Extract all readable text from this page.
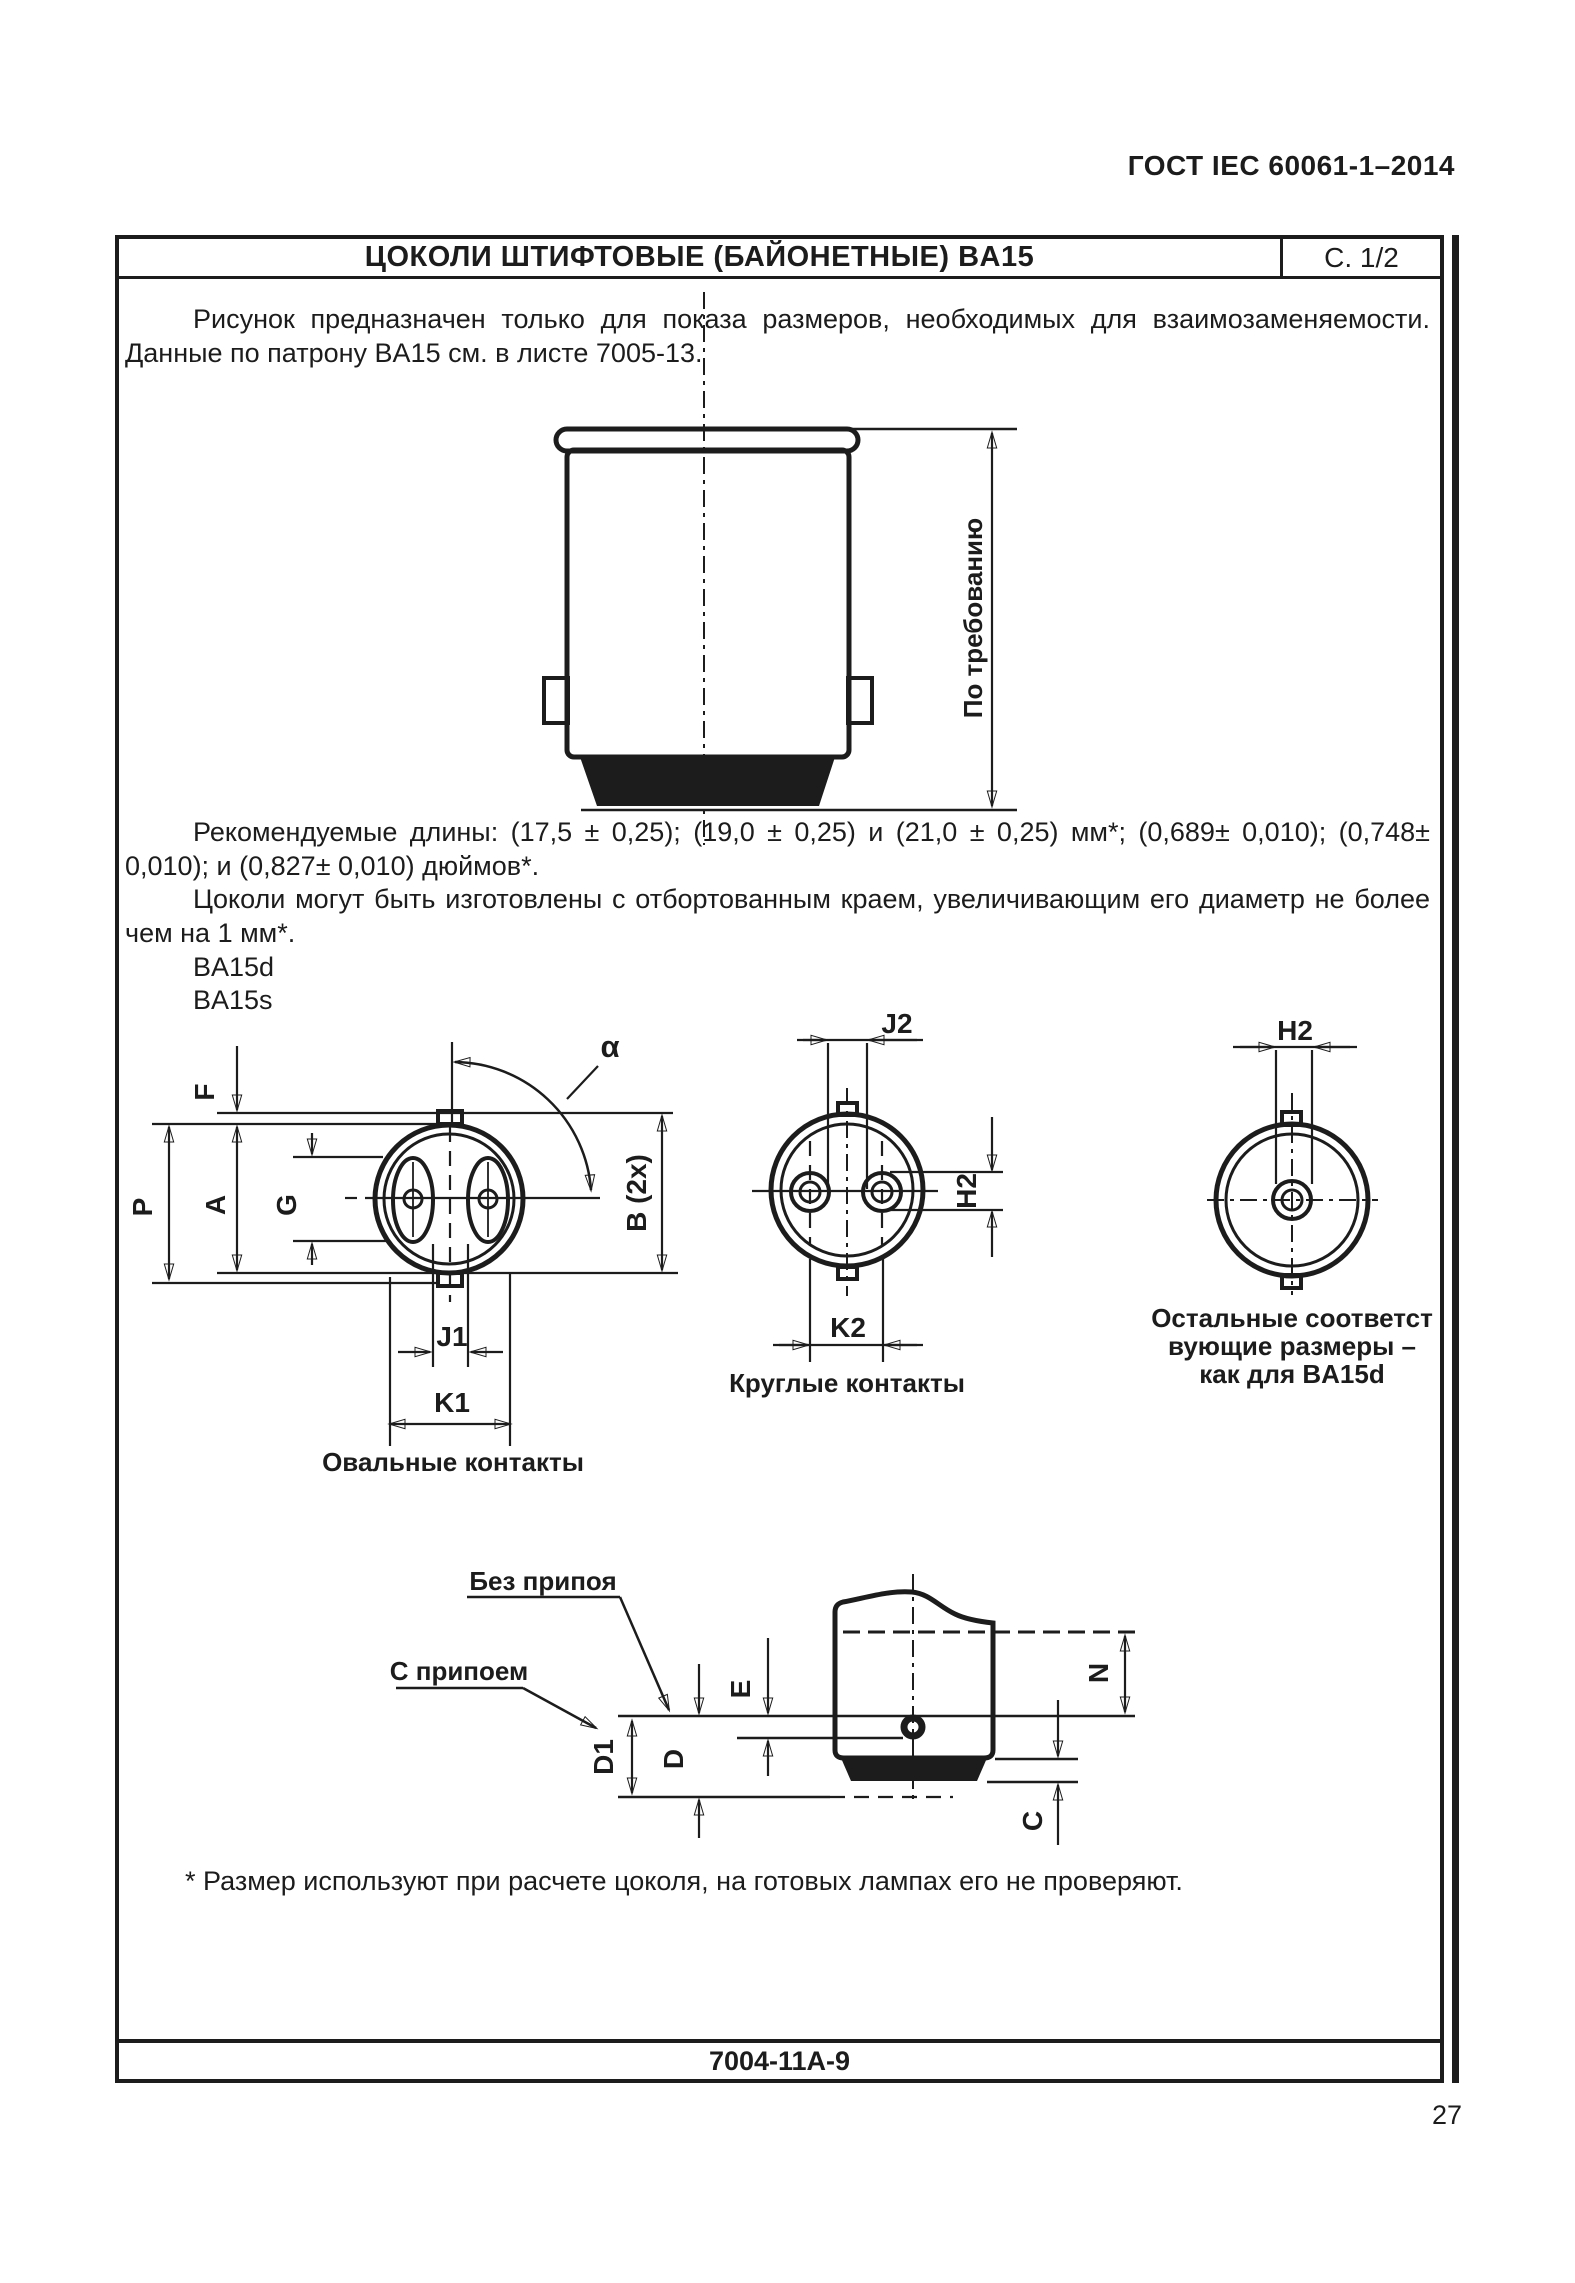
ГОСТ IEC 60061-1–2014
ЦОКОЛИ ШТИФТОВЫЕ (БАЙОНЕТНЫЕ) BA15	С. 1/2
7004-11A-9
Рисунок предназначен только для показа размеров, необходимых для взаимозаменяемости. Данные по патрону BA15 см. в листе 7005-13.
Рекомендуемые длины: (17,5 ± 0,25); (19,0 ± 0,25) и (21,0 ± 0,25) мм*; (0,689± 0,010); (0,748± 0,010); и (0,827± 0,010) дюймов*.
Цоколи могут быть изготовлены с отбортованным краем, увеличивающим его диаметр не более чем на 1 мм*.
BA15d
BA15s
* Размер используют при расчете цоколя, на готовых лампах его не проверяют.
27
По требованию
α
F
P A G	B (2x)
J1
K1
Овальные контакты
J2
H2
K2
Круглые контакты
H2
Остальные соответст
вующие размеры –
как для BA15d
Без припоя
С припоем
D1 D
E
N
C
